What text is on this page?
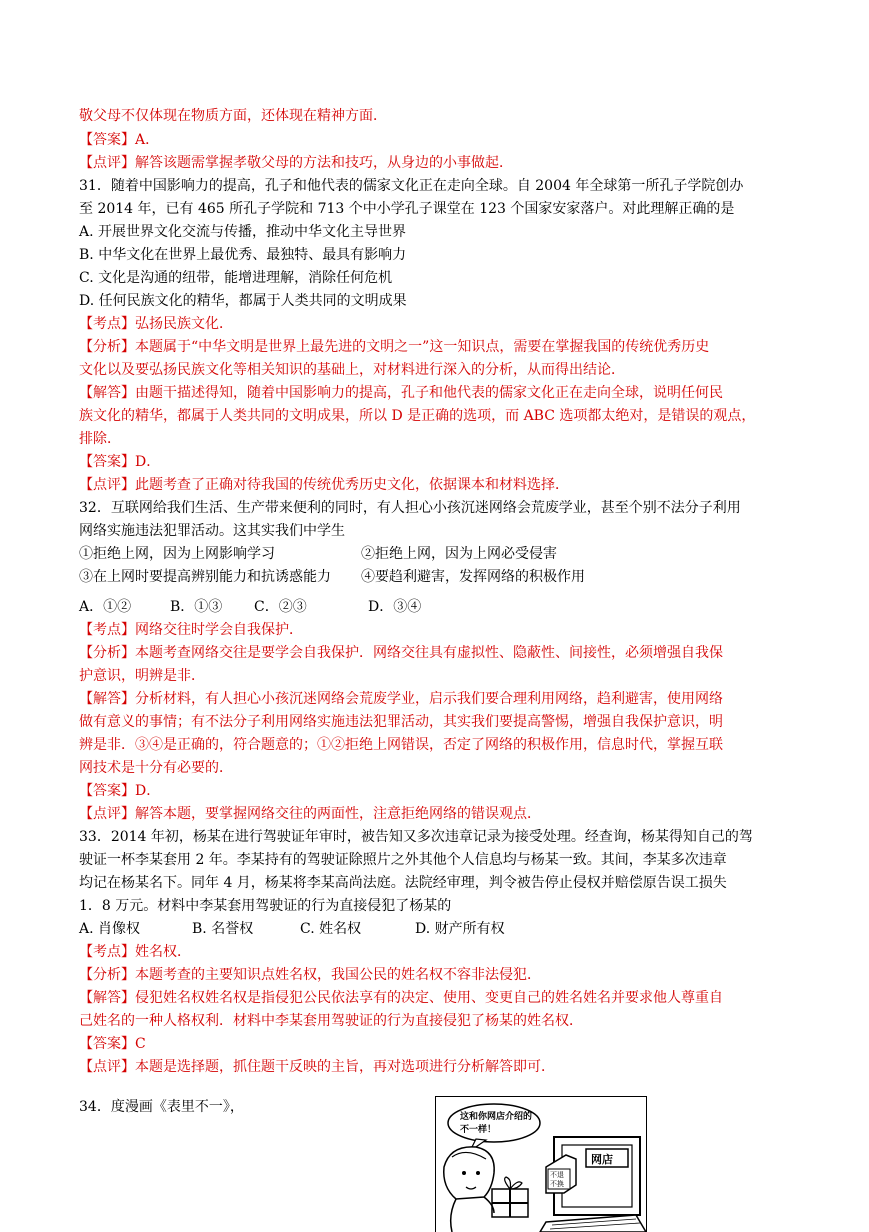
敬父母不仅体现在物质方面，还体现在精神方面．
【答案】A．
【点评】解答该题需掌握孝敬父母的方法和技巧，从身边的小事做起．
31．随着中国影响力的提高，孔子和他代表的儒家文化正在走向全球。自 2004 年全球第一所孔子学院创办
至 2014 年，已有 465 所孔子学院和 713 个中小学孔子课堂在 123 个国家安家落户。对此理解正确的是
A. 开展世界文化交流与传播，推动中华文化主导世界
B. 中华文化在世界上最优秀、最独特、最具有影响力
C. 文化是沟通的纽带，能增进理解，消除任何危机
D. 任何民族文化的精华，都属于人类共同的文明成果
【考点】弘扬民族文化．
【分析】本题属于“中华文明是世界上最先进的文明之一”这一知识点，需要在掌握我国的传统优秀历史
文化以及要弘扬民族文化等相关知识的基础上，对材料进行深入的分析，从而得出结论．
【解答】由题干描述得知，随着中国影响力的提高，孔子和他代表的儒家文化正在走向全球，说明任何民
族文化的精华，都属于人类共同的文明成果，所以 D 是正确的选项，而 ABC 选项都太绝对，是错误的观点，
排除．
【答案】D．
【点评】此题考查了正确对待我国的传统优秀历史文化，依据课本和材料选择．
32．互联网给我们生活、生产带来便利的同时，有人担心小孩沉迷网络会荒废学业，甚至个别不法分子利用
网络实施违法犯罪活动。这其实我们中学生
①拒绝上网，因为上网影响学习	②拒绝上网，因为上网必受侵害
③在上网时要提高辨别能力和抗诱惑能力 ④要趋利避害，发挥网络的积极作用
A．①②	B．①③ C．②③	D．③④
【考点】网络交往时学会自我保护．
【分析】本题考查网络交往是要学会自我保护．网络交往具有虚拟性、隐蔽性、间接性，必须增强自我保
护意识，明辨是非．
【解答】分析材料，有人担心小孩沉迷网络会荒废学业，启示我们要合理利用网络，趋利避害，使用网络
做有意义的事情；有不法分子利用网络实施违法犯罪活动，其实我们要提高警惕，增强自我保护意识，明
辨是非．③④是正确的，符合题意的；①②拒绝上网错误，否定了网络的积极作用，信息时代，掌握互联
网技术是十分有必要的．
【答案】D．
【点评】解答本题，要掌握网络交往的两面性，注意拒绝网络的错误观点．
33．2014 年初，杨某在进行驾驶证年审时，被告知又多次违章记录为接受处理。经查询，杨某得知自己的驾
驶证一杯李某套用 2 年。李某持有的驾驶证除照片之外其他个人信息均与杨某一致。其间，李某多次违章
均记在杨某名下。同年 4 月，杨某将李某高尚法庭。法院经审理，判令被告停止侵权并赔偿原告误工损失
1．8 万元。材料中李某套用驾驶证的行为直接侵犯了杨某的
A. 肖像权	B. 名誉权	C. 姓名权	D. 财产所有权
【考点】姓名权．
【分析】本题考查的主要知识点姓名权，我国公民的姓名权不容非法侵犯．
【解答】侵犯姓名权姓名权是指侵犯公民依法享有的决定、使用、变更自己的姓名姓名并要求他人尊重自
己姓名的一种人格权利．材料中李某套用驾驶证的行为直接侵犯了杨某的姓名权．
【答案】C
【点评】本题是选择题，抓住题干反映的主旨，再对选项进行分析解答即可．
34．度漫画《表里不一》，
这和你网店介绍的
不一样！
网店
不退
不换
